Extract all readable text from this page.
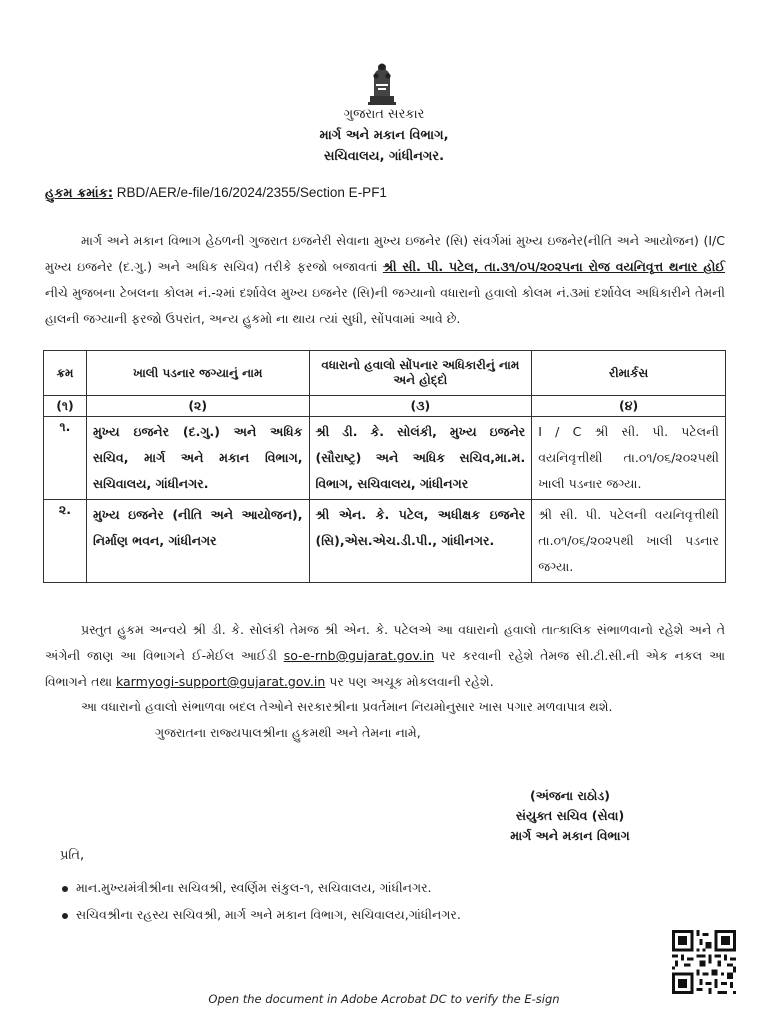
ગુજરાત સરકાર
માર્ગ અને મકાન વિભાગ,
સચિવાલય, ગાંધીનગર.
હુકમ ક્રમાંક: RBD/AER/e-file/16/2024/2355/Section E-PF1
માર્ગ અને મકાન વિભાગ હેઠળની ગુજરાત ઇજનેરી સેવાના મુખ્ય ઇજનેર (સિ) સંવર્ગમાં મુખ્ય ઇજનેર(નીતિ અને આયોજન) (I/C મુખ્ય ઇજનેર (દ.ગુ.) અને અધિક સચિવ) તરીકે ફરજો બજાવતાં શ્રી સી. પી. પટેલ, તા.૩૧/૦૫/૨૦૨૫ના રોજ વયનિવૃત્ત થનાર હોઈ નીચે મુજબના ટેબલના કોલમ નં.-૨માં દર્શાવેલ મુખ્ય ઇજનેર (સિ)ની જગ્યાનો વધારાનો હવાલો કોલમ નં.૩માં દર્શાવેલ અધિકારીને તેમની હાલની જગ્યાની ફરજો ઉપરાંત, અન્ય હુકમો ના થાય ત્યાં સુધી, સોંપવામાં આવે છે.
ક્રમ	ખાલી પડનાર જગ્યાનું નામ	વધારાનો હવાલો સોંપનાર અધિકારીનું નામ અને હોદ્દો	રીમાર્કસ
(૧)	(૨)	(૩)	(૪)
૧.	મુખ્ય ઇજનેર (દ.ગુ.) અને અધિક સચિવ, માર્ગ અને મકાન વિભાગ, સચિવાલય, ગાંધીનગર.	શ્રી ડી. કે. સોલંકી, મુખ્ય ઇજનેર (સૌરાષ્ટ્ર) અને અધિક સચિવ,મા.મ. વિભાગ, સચિવાલય, ગાંધીનગર	I / C શ્રી સી. પી. પટેલની વયનિવૃત્તીથી તા.૦૧/૦૬/૨૦૨૫થી ખાલી પડનાર જગ્યા.
૨.	મુખ્ય ઇજનેર (નીતિ અને આયોજન), નિર્માણ ભવન, ગાંધીનગર	શ્રી એન. કે. પટેલ, અધીક્ષક ઇજનેર (સિ),એસ.એચ.ડી.પી., ગાંધીનગર.	શ્રી સી. પી. પટેલની વયનિવૃત્તીથી તા.૦૧/૦૬/૨૦૨૫થી ખાલી પડનાર જગ્યા.
પ્રસ્તુત હુકમ અન્વયે શ્રી ડી. કે. સોલંકી તેમજ શ્રી એન. કે. પટેલએ આ વધારાનો હવાલો તાત્કાલિક સંભાળવાનો રહેશે અને તે અંગેની જાણ આ વિભાગને ઈ-મેઈલ આઈડી so-e-rnb@gujarat.gov.in પર કરવાની રહેશે તેમજ સી.ટી.સી.ની એક નકલ આ વિભાગને તથા karmyogi-support@gujarat.gov.in પર પણ અચૂક મોકલવાની રહેશે.
આ વધારાનો હવાલો સંભાળવા બદલ તેઓને સરકારશ્રીના પ્રવર્તમાન નિયમોનુસાર ખાસ પગાર મળવાપાત્ર થશે.
ગુજરાતના રાજ્યપાલશ્રીના હુકમથી અને તેમના નામે,
(અંજના રાઠોડ)
સંયુક્ત સચિવ (સેવા)
માર્ગ અને મકાન વિભાગ
પ્રતિ,
માન.મુખ્યમંત્રીશ્રીના સચિવશ્રી, સ્વર્ણિમ સંકુલ-૧, સચિવાલય, ગાંધીનગર.
સચિવશ્રીના રહસ્ય સચિવશ્રી, માર્ગ અને મકાન વિભાગ, સચિવાલય,ગાંધીનગર.
Open the document in Adobe Acrobat DC to verify the E-sign
